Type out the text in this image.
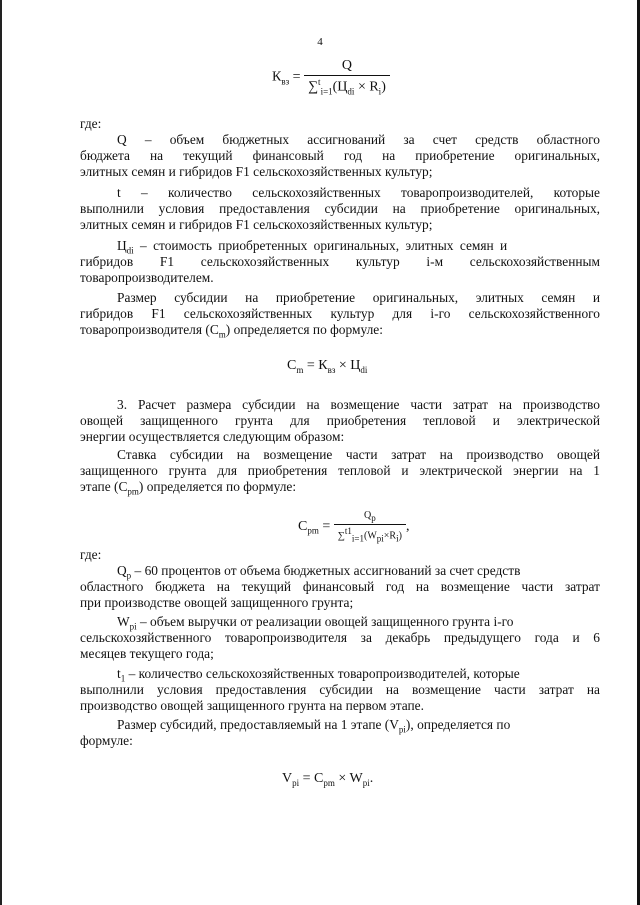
4
$К_{вз} = \frac{Q}{\sum^t_{i=1}(Ц_{di} \times R_i)}$
где:
Q – объем бюджетных ассигнований за счет средств областного
бюджета на текущий финансовый год на приобретение оригинальных,
элитных семян и гибридов F1 сельскохозяйственных культур;
t – количество сельскохозяйственных товаропроизводителей, которые
выполнили условия предоставления субсидии на приобретение оригинальных,
элитных семян и гибридов F1 сельскохозяйственных культур;
$Ц_{di}$ – стоимость приобретенных оригинальных, элитных семян и
гибридов F1 сельскохозяйственных культур i-м сельскохозяйственным
товаропроизводителем.
Размер субсидии на приобретение оригинальных, элитных семян и
гибридов F1 сельскохозяйственных культур для i-го сельскохозяйственного
товаропроизводителя $(C_m)$ определяется по формуле:
$C_m = К_{вз} \times Ц_{di}$
3. Расчет размера субсидии на возмещение части затрат на производство
овощей защищенного грунта для приобретения тепловой и электрической
энергии осуществляется следующим образом:
Ставка субсидии на возмещение части затрат на производство овощей
защищенного грунта для приобретения тепловой и электрической энергии на 1
этапе $(C_{pm})$ определяется по формуле:
$C_{pm} = \frac{Q_p}{\sum^{t1}_{i=1}(W_{pi}\times R_i)}$ ,
где:
$Q_p - 60$ процентов от объема бюджетных ассигнований за счет средств
областного бюджета на текущий финансовый год на возмещение части затрат
при производстве овощей защищенного грунта;
$W_{pi}$ – объем выручки от реализации овощей защищенного грунта i-го
сельскохозяйственного товаропроизводителя за декабрь предыдущего года и 6
месяцев текущего года;
$t_1$ – количество сельскохозяйственных товаропроизводителей, которые
выполнили условия предоставления субсидии на возмещение части затрат на
производство овощей защищенного грунта на первом этапе.
Размер субсидий, предоставляемый на 1 этапе $(V_{pi})$, определяется по
формуле:
$V_{pi} = C_{pm} \times W_{pi}$.
